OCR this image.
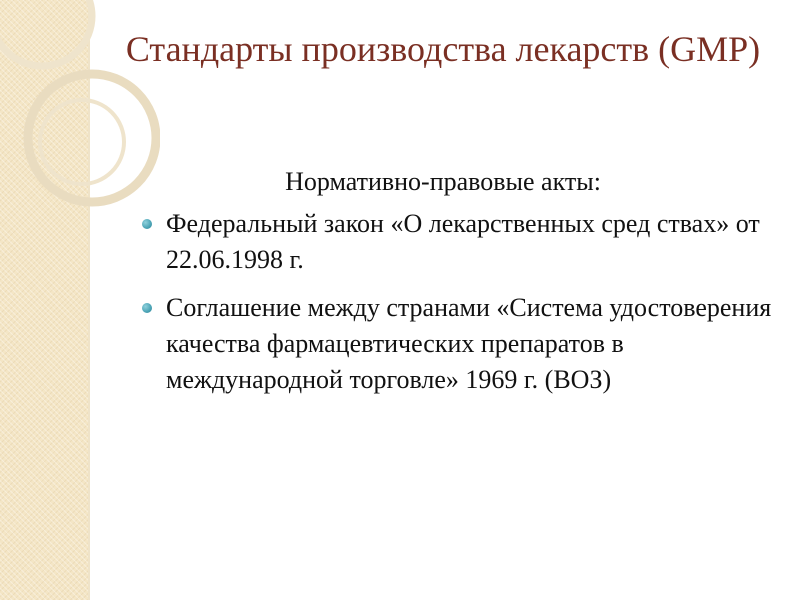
Стандарты производства лекарств (GMP)
Нормативно-правовые акты:
Федеральный закон «О лекарственных сред ствах» от 22.06.1998 г.
Соглашение между странами «Система удостоверения качества фармацевтических препаратов в международной торговле» 1969 г. (ВОЗ)
